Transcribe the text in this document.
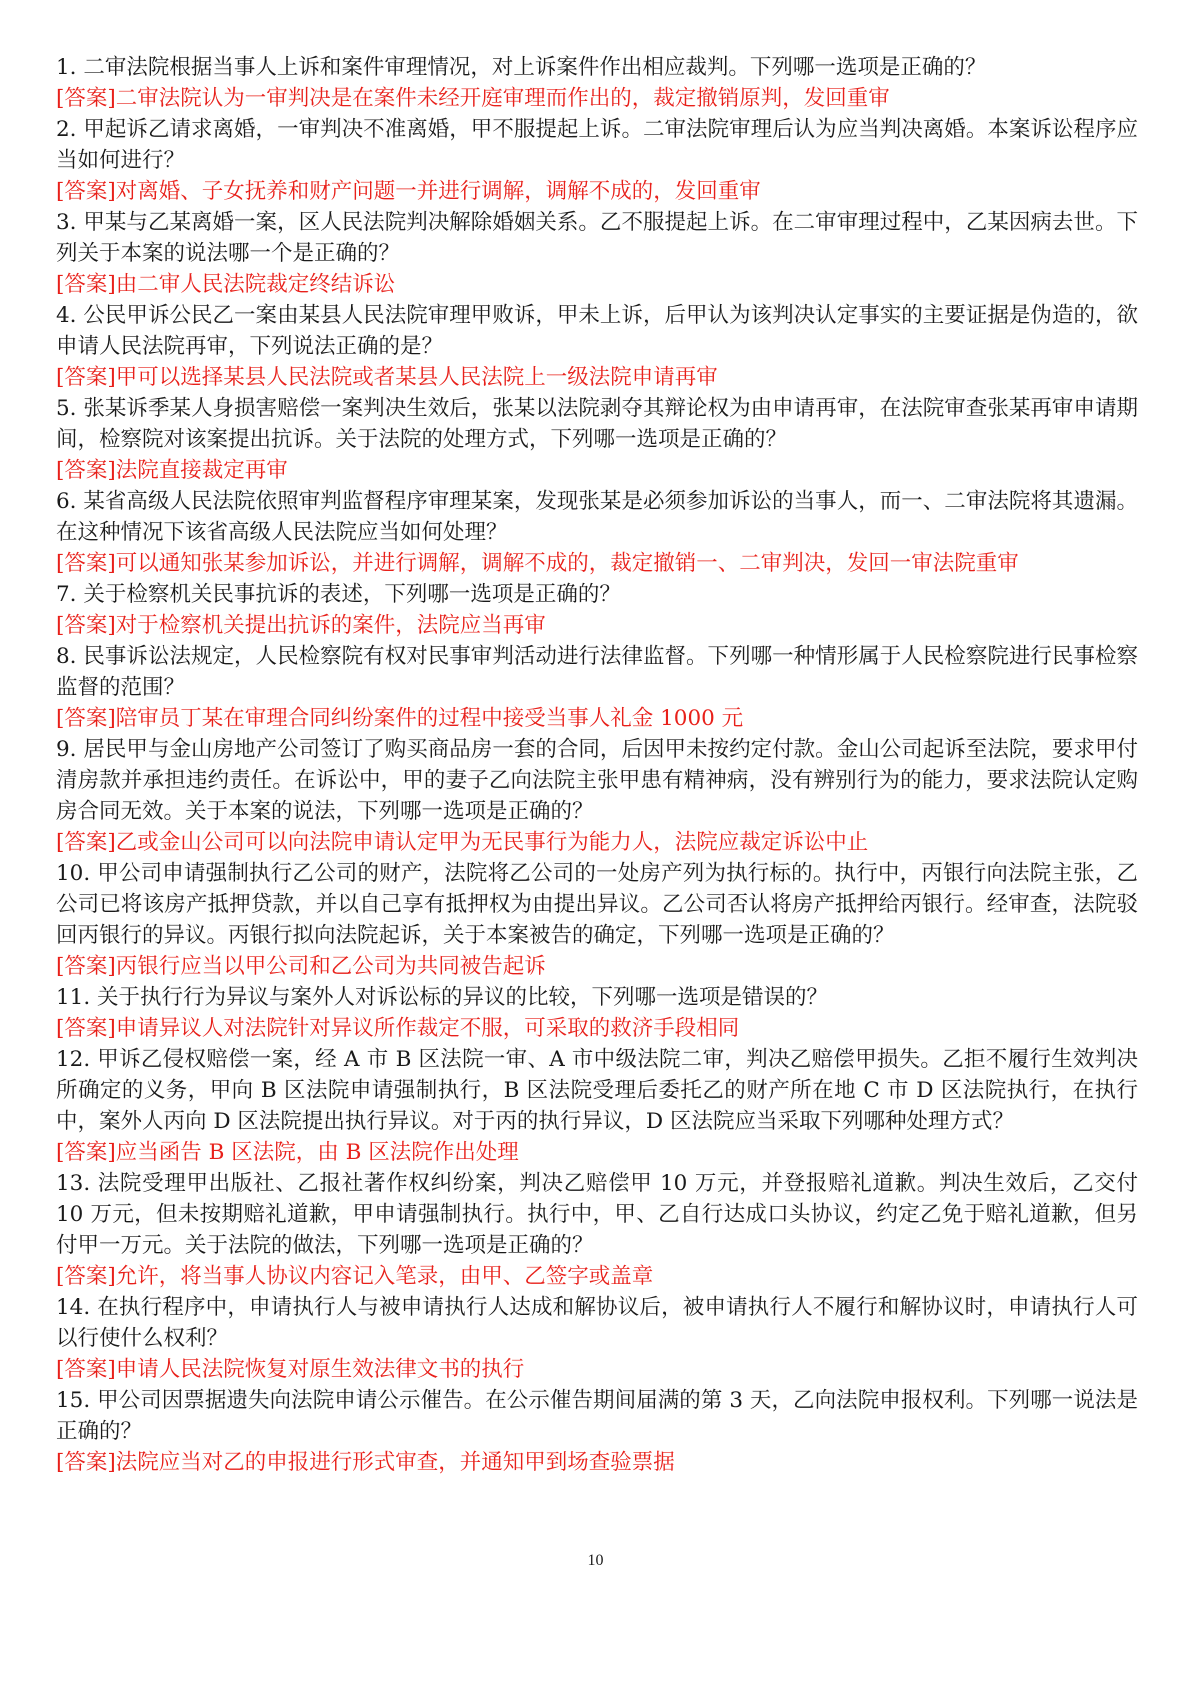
1. 二审法院根据当事人上诉和案件审理情况，对上诉案件作出相应裁判。下列哪一选项是正确的？

[答案]二审法院认为一审判决是在案件未经开庭审理而作出的，裁定撤销原判，发回重审

2. 甲起诉乙请求离婚，一审判决不准离婚，甲不服提起上诉。二审法院审理后认为应当判决离婚。本案诉讼程序应当如何进行？

[答案]对离婚、子女抚养和财产问题一并进行调解，调解不成的，发回重审

3. 甲某与乙某离婚一案，区人民法院判决解除婚姻关系。乙不服提起上诉。在二审审理过程中，乙某因病去世。下列关于本案的说法哪一个是正确的？

[答案]由二审人民法院裁定终结诉讼

4. 公民甲诉公民乙一案由某县人民法院审理甲败诉，甲未上诉，后甲认为该判决认定事实的主要证据是伪造的，欲申请人民法院再审，下列说法正确的是？

[答案]甲可以选择某县人民法院或者某县人民法院上一级法院申请再审

5. 张某诉季某人身损害赔偿一案判决生效后，张某以法院剥夺其辩论权为由申请再审，在法院审查张某再审申请期间，检察院对该案提出抗诉。关于法院的处理方式，下列哪一选项是正确的？

[答案]法院直接裁定再审

6. 某省高级人民法院依照审判监督程序审理某案，发现张某是必须参加诉讼的当事人，而一、二审法院将其遗漏。在这种情况下该省高级人民法院应当如何处理？

[答案]可以通知张某参加诉讼，并进行调解，调解不成的，裁定撤销一、二审判决，发回一审法院重审

7. 关于检察机关民事抗诉的表述，下列哪一选项是正确的？

[答案]对于检察机关提出抗诉的案件，法院应当再审

8. 民事诉讼法规定，人民检察院有权对民事审判活动进行法律监督。下列哪一种情形属于人民检察院进行民事检察监督的范围？

[答案]陪审员丁某在审理合同纠纷案件的过程中接受当事人礼金 1000 元

9. 居民甲与金山房地产公司签订了购买商品房一套的合同，后因甲未按约定付款。金山公司起诉至法院，要求甲付清房款并承担违约责任。在诉讼中，甲的妻子乙向法院主张甲患有精神病，没有辨别行为的能力，要求法院认定购房合同无效。关于本案的说法，下列哪一选项是正确的？

[答案]乙或金山公司可以向法院申请认定甲为无民事行为能力人，法院应裁定诉讼中止

10. 甲公司申请强制执行乙公司的财产，法院将乙公司的一处房产列为执行标的。执行中，丙银行向法院主张，乙公司已将该房产抵押贷款，并以自己享有抵押权为由提出异议。乙公司否认将房产抵押给丙银行。经审查，法院驳回丙银行的异议。丙银行拟向法院起诉，关于本案被告的确定，下列哪一选项是正确的？

[答案]丙银行应当以甲公司和乙公司为共同被告起诉

11. 关于执行行为异议与案外人对诉讼标的异议的比较，下列哪一选项是错误的？

[答案]申请异议人对法院针对异议所作裁定不服，可采取的救济手段相同

12. 甲诉乙侵权赔偿一案，经 A 市 B 区法院一审、A 市中级法院二审，判决乙赔偿甲损失。乙拒不履行生效判决所确定的义务，甲向 B 区法院申请强制执行，B 区法院受理后委托乙的财产所在地 C 市 D 区法院执行，在执行中，案外人丙向 D 区法院提出执行异议。对于丙的执行异议，D 区法院应当采取下列哪种处理方式？

[答案]应当函告 B 区法院，由 B 区法院作出处理

13. 法院受理甲出版社、乙报社著作权纠纷案，判决乙赔偿甲 10 万元，并登报赔礼道歉。判决生效后，乙交付 10 万元，但未按期赔礼道歉，甲申请强制执行。执行中，甲、乙自行达成口头协议，约定乙免于赔礼道歉，但另付甲一万元。关于法院的做法，下列哪一选项是正确的？

[答案]允许，将当事人协议内容记入笔录，由甲、乙签字或盖章

14. 在执行程序中，申请执行人与被申请执行人达成和解协议后，被申请执行人不履行和解协议时，申请执行人可以行使什么权利？

[答案]申请人民法院恢复对原生效法律文书的执行

15. 甲公司因票据遗失向法院申请公示催告。在公示催告期间届满的第 3 天，乙向法院申报权利。下列哪一说法是正确的？

[答案]法院应当对乙的申报进行形式审查，并通知甲到场查验票据

10
